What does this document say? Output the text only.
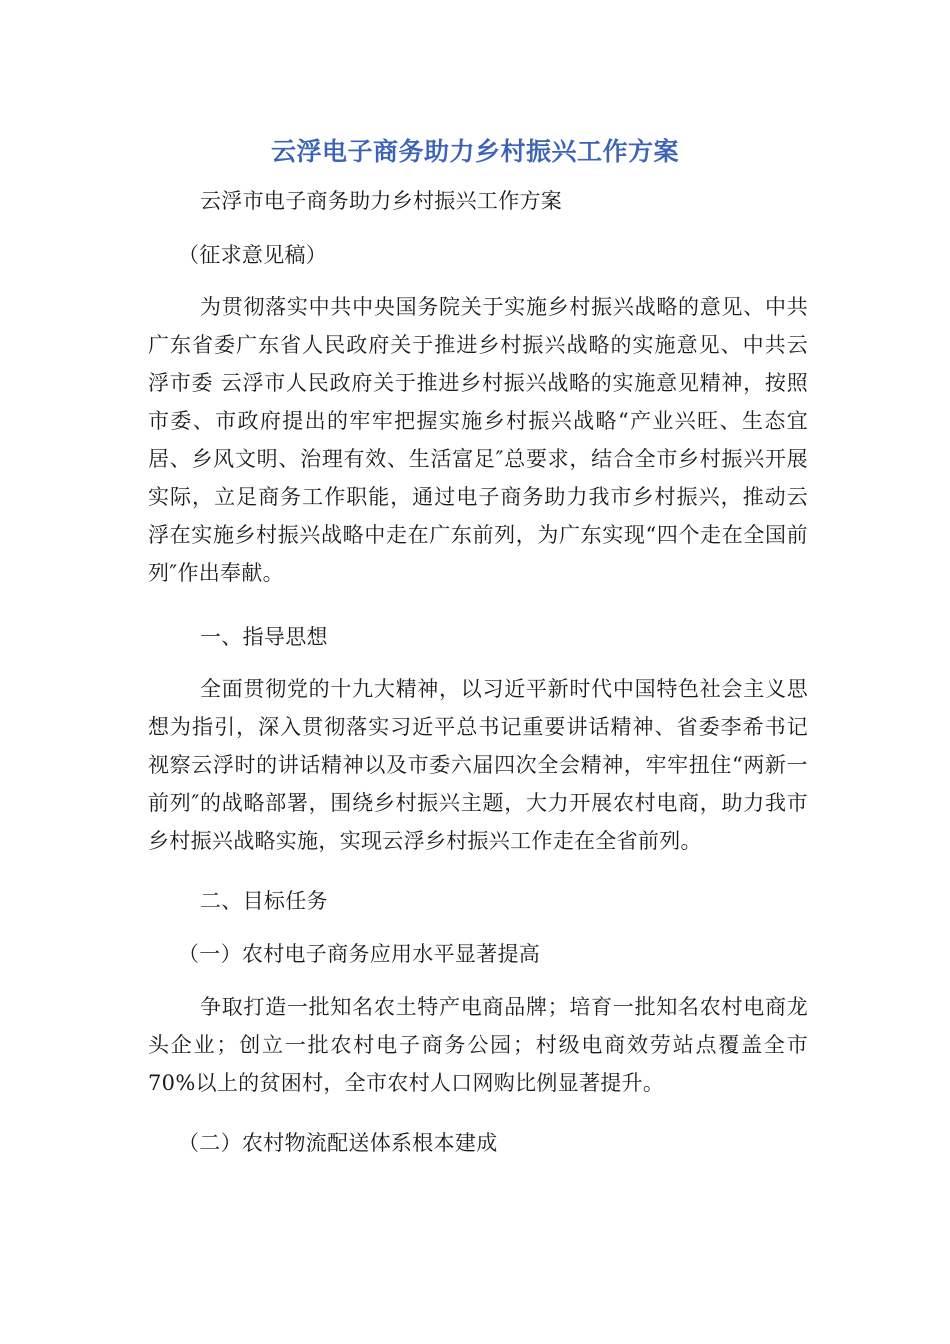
云浮电子商务助力乡村振兴工作方案
云浮市电子商务助力乡村振兴工作方案
（征求意见稿）
为贯彻落实中共中央国务院关于实施乡村振兴战略的意见、中共广东省委广东省人民政府关于推进乡村振兴战略的实施意见、中共云浮市委 云浮市人民政府关于推进乡村振兴战略的实施意见精神，按照市委、市政府提出的牢牢把握实施乡村振兴战略“产业兴旺、生态宜居、乡风文明、治理有效、生活富足″总要求，结合全市乡村振兴开展实际，立足商务工作职能，通过电子商务助力我市乡村振兴，推动云浮在实施乡村振兴战略中走在广东前列，为广东实现“四个走在全国前列″作出奉献。
一、指导思想
全面贯彻党的十九大精神，以习近平新时代中国特色社会主义思想为指引，深入贯彻落实习近平总书记重要讲话精神、省委李希书记视察云浮时的讲话精神以及市委六届四次全会精神，牢牢扭住“两新一前列″的战略部署，围绕乡村振兴主题，大力开展农村电商，助力我市乡村振兴战略实施，实现云浮乡村振兴工作走在全省前列。
二、目标任务
（一）农村电子商务应用水平显著提高
争取打造一批知名农土特产电商品牌；培育一批知名农村电商龙头企业；创立一批农村电子商务公园；村级电商效劳站点覆盖全市70%以上的贫困村，全市农村人口网购比例显著提升。
（二）农村物流配送体系根本建成
